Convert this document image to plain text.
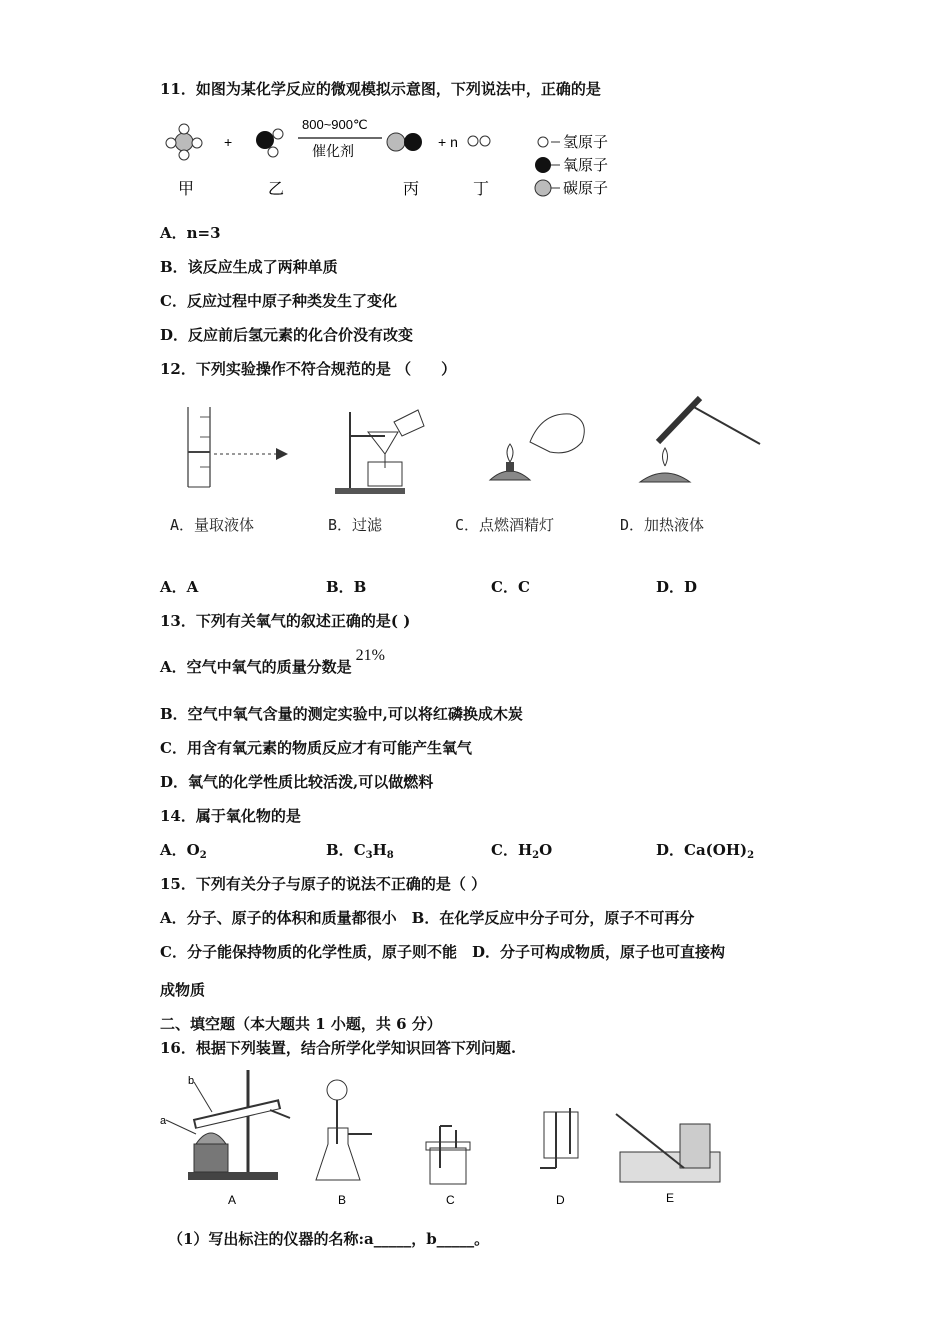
11．如图为某化学反应的微观模拟示意图，下列说法中，正确的是
+
800~900℃
催化剂
+ n
甲	乙	丙	丁
氢原子
氧原子
碳原子
A．n=3
B．该反应生成了两种单质
C．反应过程中原子种类发生了变化
D．反应前后氢元素的化合价没有改变
12．下列实验操作不符合规范的是 （　　）
A．量取液体	B．过滤	C．点燃酒精灯	D．加热液体
A．A	B．B	C．C	D．D
13．下列有关氧气的叙述正确的是( )
A．空气中氧气的质量分数是21%
B．空气中氧气含量的测定实验中,可以将红磷换成木炭
C．用含有氧元素的物质反应才有可能产生氧气
D．氧气的化学性质比较活泼,可以做燃料
14．属于氧化物的是
A．$O_2$	B．$C_3H_8$	C．$H_2O$	D．$Ca(OH)_2$
15．下列有关分子与原子的说法不正确的是（ ）
A．分子、原子的体积和质量都很小　B．在化学反应中分子可分，原子不可再分
C．分子能保持物质的化学性质，原子则不能　D．分子可构成物质，原子也可直接构
成物质
二、填空题（本大题共 1 小题，共 6 分）
16．根据下列装置，结合所学化学知识回答下列问题.
b
a
A	B	C	D	E
（1）写出标注的仪器的名称:a_____，b_____。
